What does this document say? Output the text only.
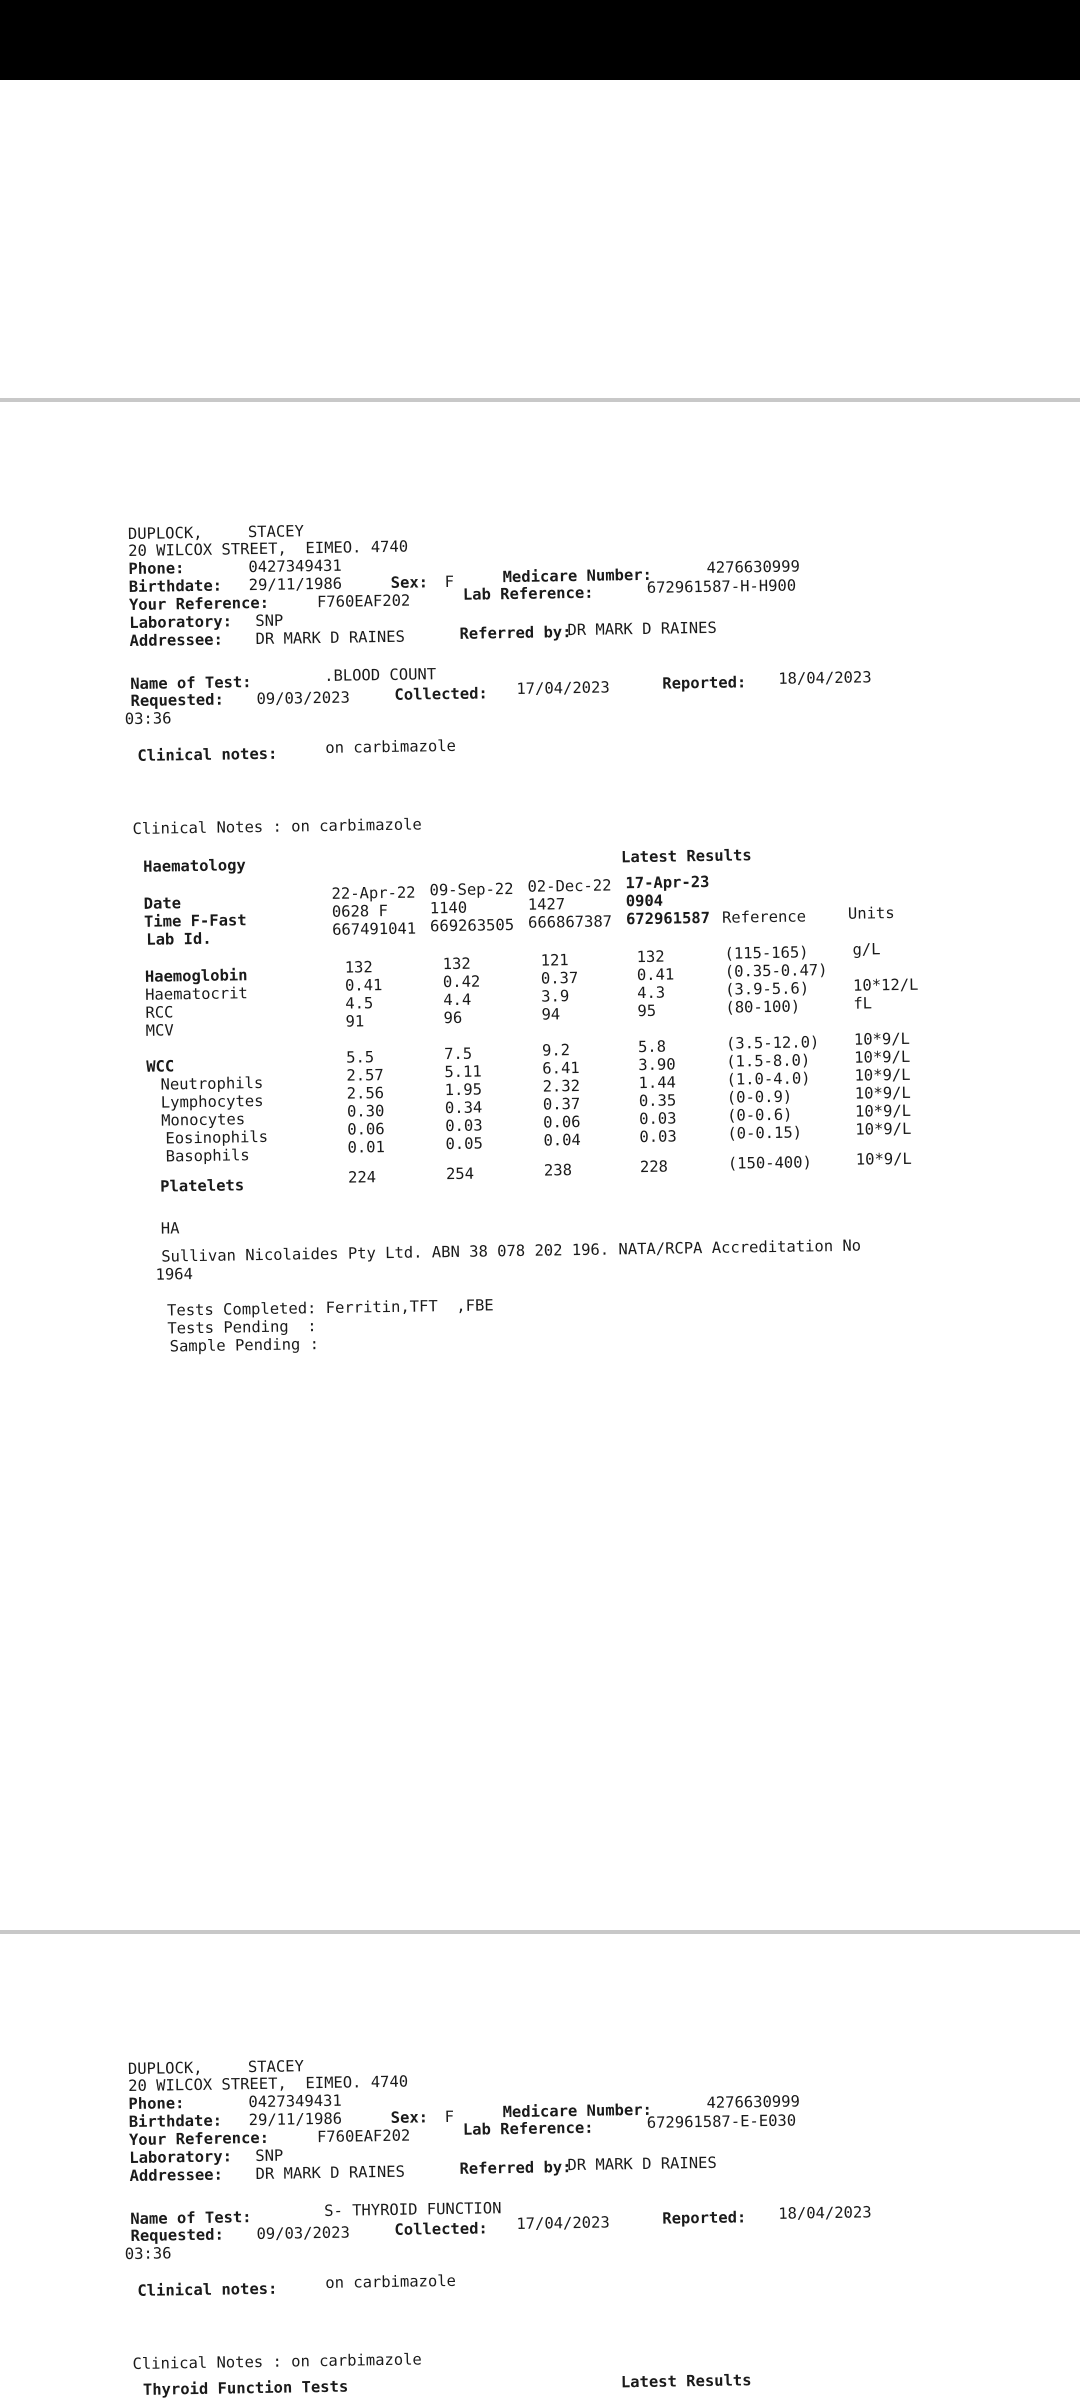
DUPLOCK,	STACEY
20 WILCOX STREET,  EIMEO. 4740
Phone:	0427349431
Birthdate: 29/11/1986	Sex: F	Medicare Number:	4276630999
Your Reference:	F760EAF202	Lab Reference:	672961587-H-H900
Laboratory: SNP
Addressee: DR MARK D RAINES	Referred by:
DR MARK D RAINES
Name of Test:	.BLOOD COUNT
Requested: 09/03/2023
03:36
Collected: 17/04/2023	Reported: 18/04/2023
Clinical notes:	on carbimazole
Clinical Notes : on carbimazole
Haematology	Latest Results
Date
Time F-Fast
Lab Id.
22-Apr-22 09-Sep-22 02-Dec-22 17-Apr-23
0628 F	1140	1427	0904
667491041 669263505 666867387 672961587 Reference	Units
Haemoglobin	132	132	121	132	(115-165)	g/L
Haematocrit	0.41	0.42	0.37	0.41	(0.35-0.47)
RCC	4.5	4.4	3.9	4.3	(3.9-5.6)	10*12/L
MCV	91	96	94	95	(80-100)	fL
WCC	5.5	7.5	9.2	5.8	(3.5-12.0) 10*9/L
Neutrophils	2.57	5.11	6.41	3.90	(1.5-8.0)	10*9/L
Lymphocytes	2.56	1.95	2.32	1.44	(1.0-4.0)	10*9/L
Monocytes	0.30	0.34	0.37	0.35	(0-0.9)	10*9/L
Eosinophils	0.06	0.03	0.06	0.03	(0-0.6)	10*9/L
Basophils	0.01	0.05	0.04	0.03	(0-0.15)	10*9/L
Platelets	224	254	238	228	(150-400)	10*9/L
HA
Sullivan Nicolaides Pty Ltd. ABN 38 078 202 196. NATA/RCPA Accreditation No
1964
Tests Completed: Ferritin,TFT  ,FBE
Tests Pending  :
Sample Pending :
DUPLOCK,	STACEY
20 WILCOX STREET,  EIMEO. 4740
Phone:	0427349431
Birthdate: 29/11/1986	Sex: F	Medicare Number:	4276630999
Your Reference:	F760EAF202	Lab Reference:	672961587-E-E030
Laboratory: SNP
Addressee: DR MARK D RAINES	Referred by:
DR MARK D RAINES
Name of Test:	S- THYROID FUNCTION
Requested: 09/03/2023
03:36
Collected: 17/04/2023	Reported: 18/04/2023
Clinical notes:	on carbimazole
Clinical Notes : on carbimazole
Thyroid Function Tests	Latest Results
